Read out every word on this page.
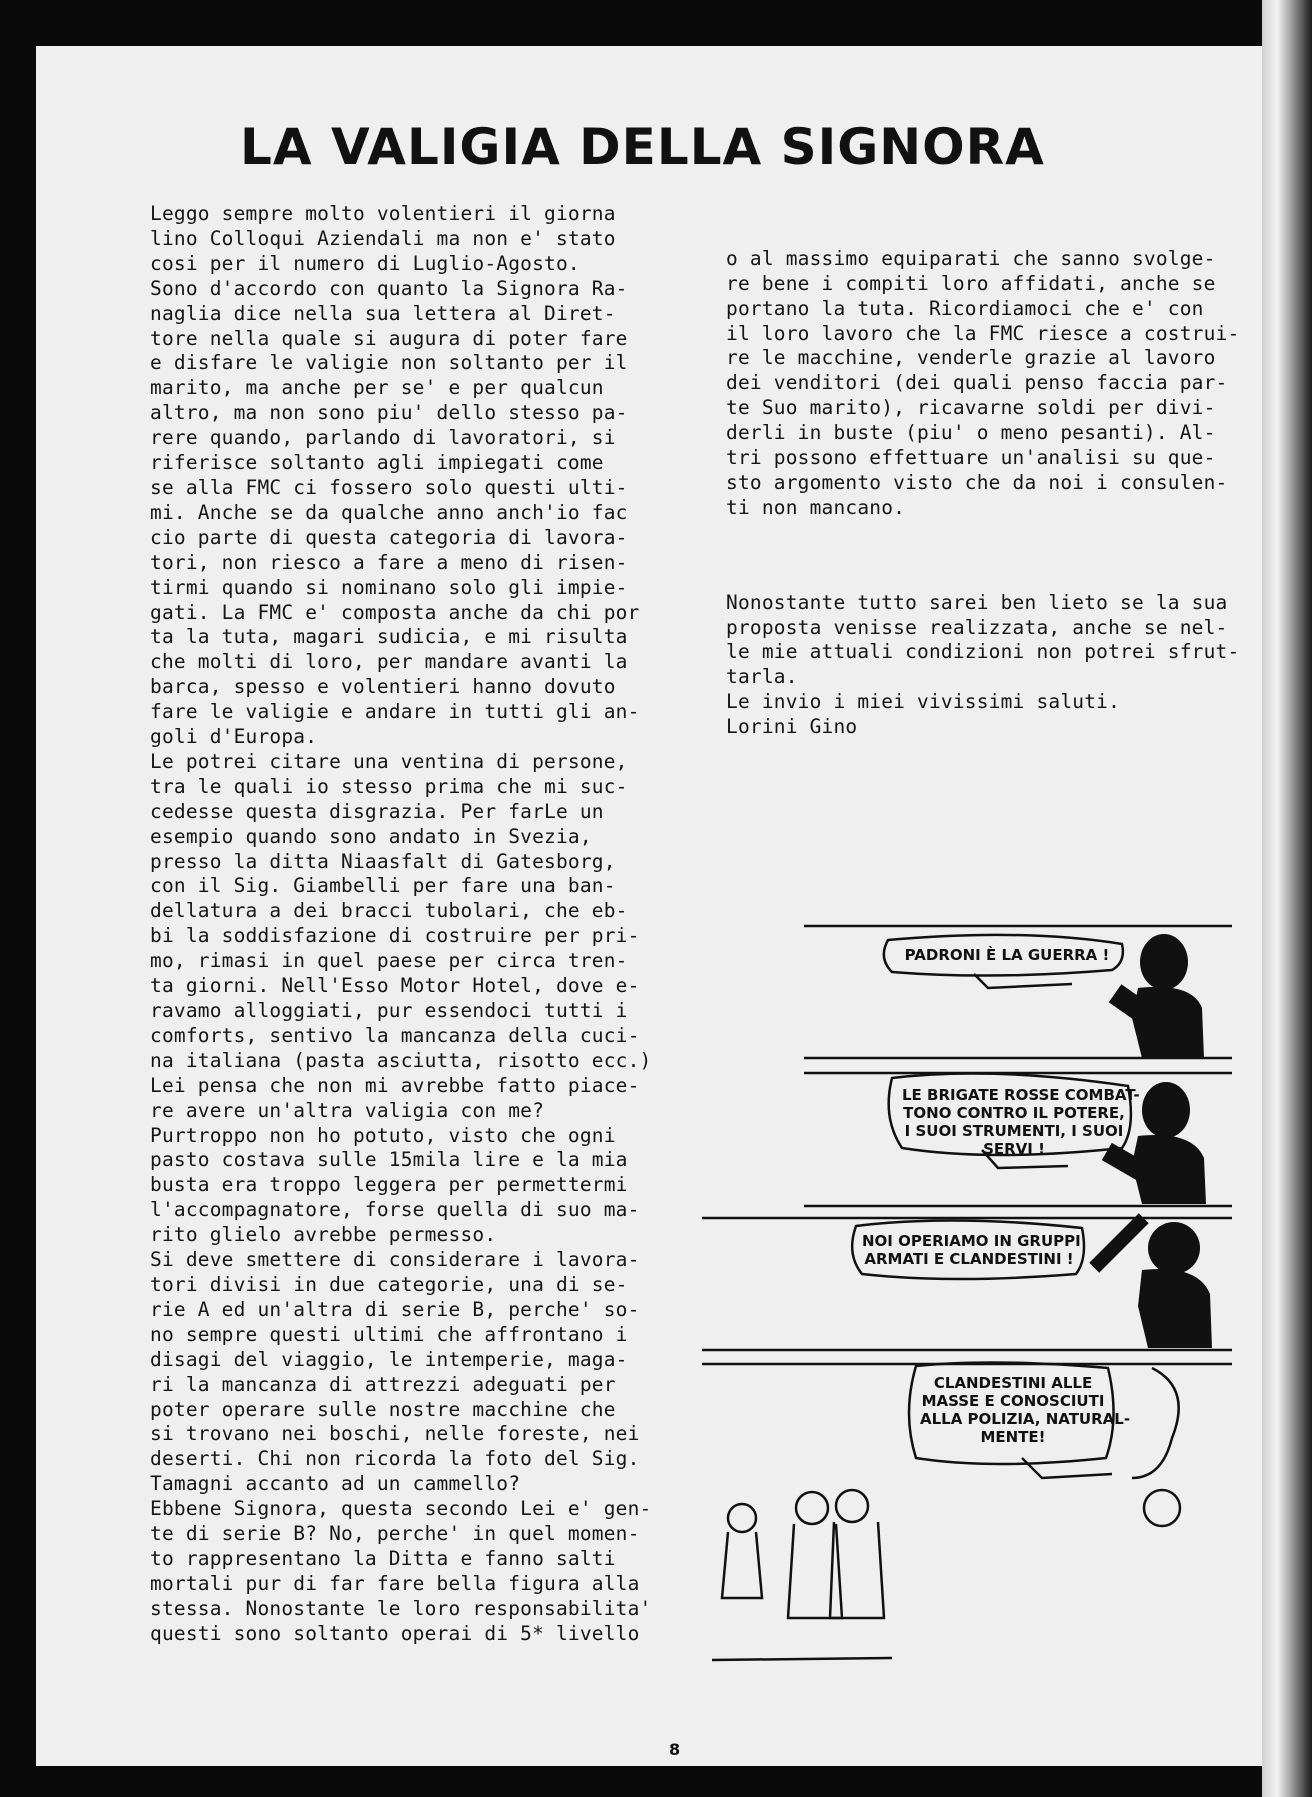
LA VALIGIA DELLA SIGNORA
Leggo sempre molto volentieri il giorna
lino Colloqui Aziendali ma non e' stato
cosi per il numero di Luglio-Agosto.
Sono d'accordo con quanto la Signora Ra-
naglia dice nella sua lettera al Diret-
tore nella quale si augura di poter fare
e disfare le valigie non soltanto per il
marito, ma anche per se' e per qualcun
altro, ma non sono piu' dello stesso pa-
rere quando, parlando di lavoratori, si
riferisce soltanto agli impiegati come
se alla FMC ci fossero solo questi ulti-
mi. Anche se da qualche anno anch'io fac
cio parte di questa categoria di lavora-
tori, non riesco a fare a meno di risen-
tirmi quando si nominano solo gli impie-
gati. La FMC e' composta anche da chi por
ta la tuta, magari sudicia, e mi risulta
che molti di loro, per mandare avanti la
barca, spesso e volentieri hanno dovuto
fare le valigie e andare in tutti gli an-
goli d'Europa.
Le potrei citare una ventina di persone,
tra le quali io stesso prima che mi suc-
cedesse questa disgrazia. Per farLe un
esempio quando sono andato in Svezia,
presso la ditta Niaasfalt di Gatesborg,
con il Sig. Giambelli per fare una ban-
dellatura a dei bracci tubolari, che eb-
bi la soddisfazione di costruire per pri-
mo, rimasi in quel paese per circa tren-
ta giorni. Nell'Esso Motor Hotel, dove e-
ravamo alloggiati, pur essendoci tutti i
comforts, sentivo la mancanza della cuci-
na italiana (pasta asciutta, risotto ecc.)
Lei pensa che non mi avrebbe fatto piace-
re avere un'altra valigia con me?
Purtroppo non ho potuto, visto che ogni
pasto costava sulle 15mila lire e la mia
busta era troppo leggera per permettermi
l'accompagnatore, forse quella di suo ma-
rito glielo avrebbe permesso.
Si deve smettere di considerare i lavora-
tori divisi in due categorie, una di se-
rie A ed un'altra di serie B, perche' so-
no sempre questi ultimi che affrontano i
disagi del viaggio, le intemperie, maga-
ri la mancanza di attrezzi adeguati per
poter operare sulle nostre macchine che
si trovano nei boschi, nelle foreste, nei
deserti. Chi non ricorda la foto del Sig.
Tamagni accanto ad un cammello?
Ebbene Signora, questa secondo Lei e' gen-
te di serie B? No, perche' in quel momen-
to rappresentano la Ditta e fanno salti
mortali pur di far fare bella figura alla
stessa. Nonostante le loro responsabilita'
questi sono soltanto operai di 5* livello

o al massimo equiparati che sanno svolge-
re bene i compiti loro affidati, anche se
portano la tuta. Ricordiamoci che e' con
il loro lavoro che la FMC riesce a costrui-
re le macchine, venderle grazie al lavoro
dei venditori (dei quali penso faccia par-
te Suo marito), ricavarne soldi per divi-
derli in buste (piu' o meno pesanti). Al-
tri possono effettuare un'analisi su que-
sto argomento visto che da noi i consulen-
ti non mancano.

Nonostante tutto sarei ben lieto se la sua
proposta venisse realizzata, anche se nel-
le mie attuali condizioni non potrei sfrut-
tarla.
Le invio i miei vivissimi saluti.
Lorini Gino

PADRONI È LA GUERRA !
LE BRIGATE ROSSE COMBAT-
TONO CONTRO IL POTERE,
I SUOI STRUMENTI, I SUOI
SERVI !
NOI OPERIAMO IN GRUPPI
ARMATI E CLANDESTINI !
CLANDESTINI ALLE
MASSE E CONOSCIUTI
ALLA POLIZIA, NATURAL-
MENTE!
8
